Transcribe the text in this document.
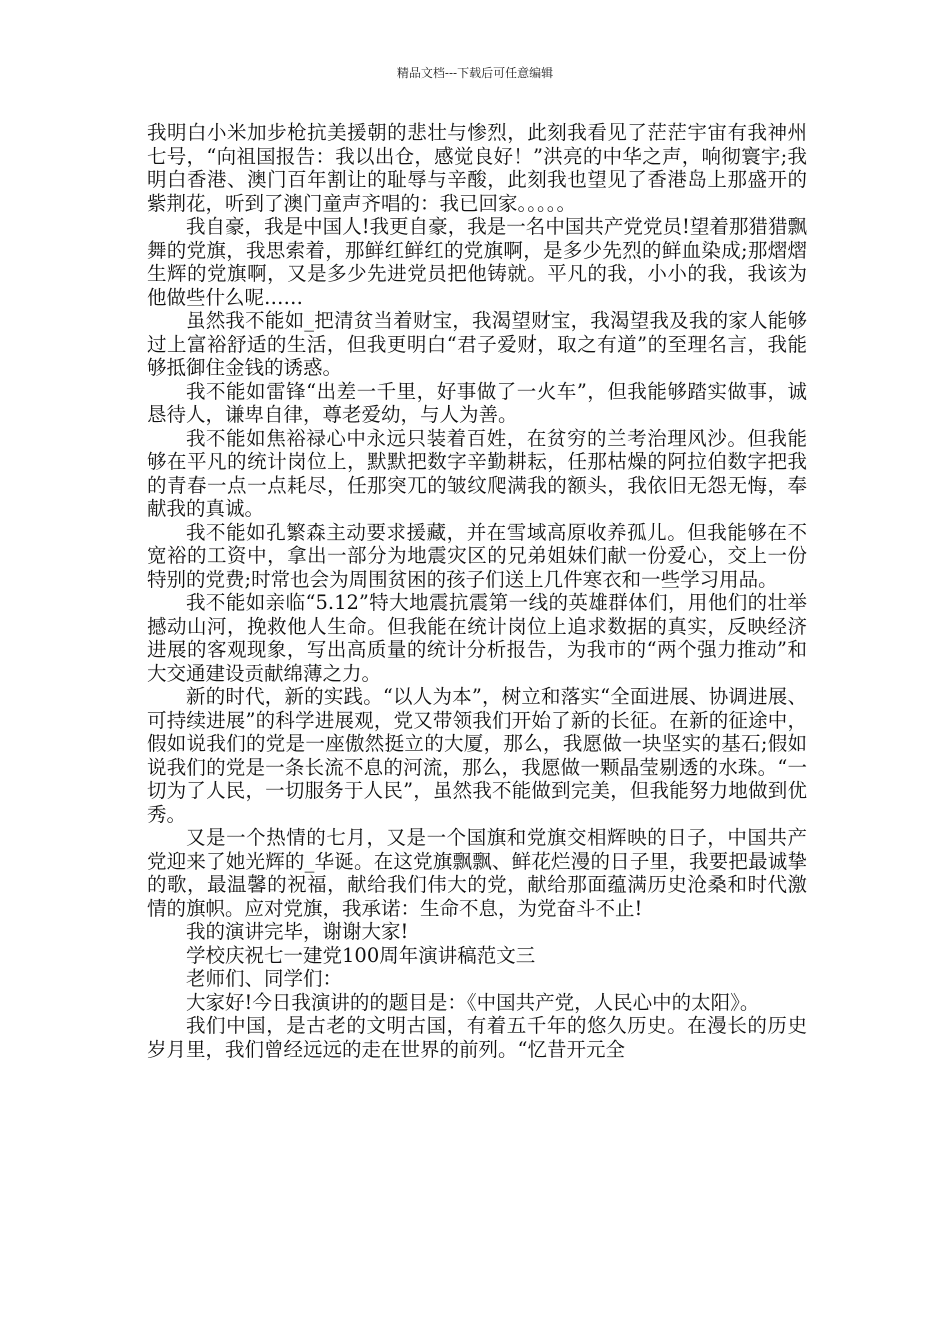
精品文档---下载后可任意编辑

我明白小米加步枪抗美援朝的悲壮与惨烈，此刻我看见了茫茫宇宙有我神州七号，“向祖国报告：我以出仓，感觉良好！”洪亮的中华之声，响彻寰宇;我明白香港、澳门百年割让的耻辱与辛酸，此刻我也望见了香港岛上那盛开的紫荆花，听到了澳门童声齐唱的：我已回家。。。。。

我自豪，我是中国人!我更自豪，我是一名中国共产党党员!望着那猎猎飘舞的党旗，我思索着，那鲜红鲜红的党旗啊，是多少先烈的鲜血染成;那熠熠生辉的党旗啊，又是多少先进党员把他铸就。平凡的我，小小的我，我该为他做些什么呢……

虽然我不能如_把清贫当着财宝，我渴望财宝，我渴望我及我的家人能够过上富裕舒适的生活，但我更明白“君子爱财，取之有道”的至理名言，我能够抵御住金钱的诱惑。

我不能如雷锋“出差一千里，好事做了一火车”，但我能够踏实做事，诚恳待人，谦卑自律，尊老爱幼，与人为善。

我不能如焦裕禄心中永远只装着百姓，在贫穷的兰考治理风沙。但我能够在平凡的统计岗位上，默默把数字辛勤耕耘，任那枯燥的阿拉伯数字把我的青春一点一点耗尽，任那突兀的皱纹爬满我的额头，我依旧无怨无悔，奉献我的真诚。

我不能如孔繁森主动要求援藏，并在雪域高原收养孤儿。但我能够在不宽裕的工资中，拿出一部分为地震灾区的兄弟姐妹们献一份爱心，交上一份特别的党费;时常也会为周围贫困的孩子们送上几件寒衣和一些学习用品。

我不能如亲临“5.12”特大地震抗震第一线的英雄群体们，用他们的壮举撼动山河，挽救他人生命。但我能在统计岗位上追求数据的真实，反映经济进展的客观现象，写出高质量的统计分析报告，为我市的“两个强力推动”和大交通建设贡献绵薄之力。

新的时代，新的实践。“以人为本”，树立和落实“全面进展、协调进展、可持续进展”的科学进展观，党又带领我们开始了新的长征。在新的征途中，假如说我们的党是一座傲然挺立的大厦，那么，我愿做一块坚实的基石;假如说我们的党是一条长流不息的河流，那么，我愿做一颗晶莹剔透的水珠。“一切为了人民，一切服务于人民”，虽然我不能做到完美，但我能努力地做到优秀。

又是一个热情的七月，又是一个国旗和党旗交相辉映的日子，中国共产党迎来了她光辉的_华诞。在这党旗飘飘、鲜花烂漫的日子里，我要把最诚挚的歌，最温馨的祝福，献给我们伟大的党，献给那面蕴满历史沧桑和时代激情的旗帜。应对党旗，我承诺：生命不息，为党奋斗不止!

我的演讲完毕，谢谢大家!

学校庆祝七一建党100周年演讲稿范文三

老师们、同学们：

大家好!今日我演讲的的题目是：《中国共产党，人民心中的太阳》。

我们中国，是古老的文明古国，有着五千年的悠久历史。在漫长的历史岁月里，我们曾经远远的走在世界的前列。“忆昔开元全
